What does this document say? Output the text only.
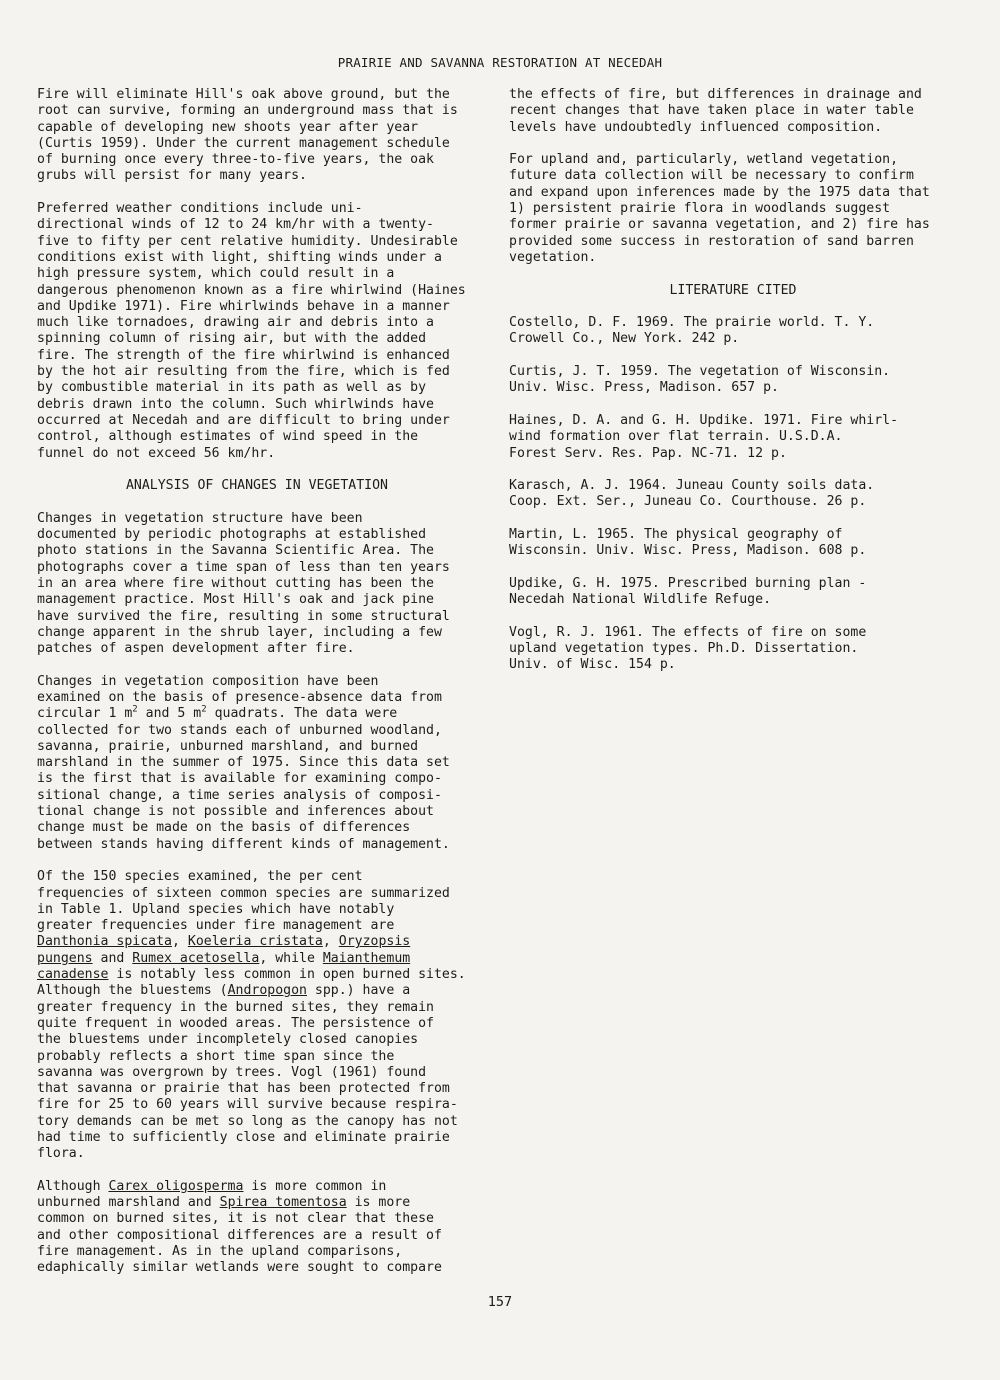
PRAIRIE AND SAVANNA RESTORATION AT NECEDAH

Fire will eliminate Hill's oak above ground, but the
root can survive, forming an underground mass that is
capable of developing new shoots year after year
(Curtis 1959). Under the current management schedule
of burning once every three-to-five years, the oak
grubs will persist for many years.

Preferred weather conditions include uni-
directional winds of 12 to 24 km/hr with a twenty-
five to fifty per cent relative humidity. Undesirable
conditions exist with light, shifting winds under a
high pressure system, which could result in a
dangerous phenomenon known as a fire whirlwind (Haines
and Updike 1971). Fire whirlwinds behave in a manner
much like tornadoes, drawing air and debris into a
spinning column of rising air, but with the added
fire. The strength of the fire whirlwind is enhanced
by the hot air resulting from the fire, which is fed
by combustible material in its path as well as by
debris drawn into the column. Such whirlwinds have
occurred at Necedah and are difficult to bring under
control, although estimates of wind speed in the
funnel do not exceed 56 km/hr.

ANALYSIS OF CHANGES IN VEGETATION

Changes in vegetation structure have been
documented by periodic photographs at established
photo stations in the Savanna Scientific Area. The
photographs cover a time span of less than ten years
in an area where fire without cutting has been the
management practice. Most Hill's oak and jack pine
have survived the fire, resulting in some structural
change apparent in the shrub layer, including a few
patches of aspen development after fire.

Changes in vegetation composition have been
examined on the basis of presence-absence data from
circular 1 $m^2$ and 5 $m^2$ quadrats. The data were
collected for two stands each of unburned woodland,
savanna, prairie, unburned marshland, and burned
marshland in the summer of 1975. Since this data set
is the first that is available for examining compo-
sitional change, a time series analysis of composi-
tional change is not possible and inferences about
change must be made on the basis of differences
between stands having different kinds of management.

Of the 150 species examined, the per cent
frequencies of sixteen common species are summarized
in Table 1. Upland species which have notably
greater frequencies under fire management are
Danthonia spicata, Koeleria cristata, Oryzopsis
pungens and Rumex acetosella, while Maianthemum
canadense is notably less common in open burned sites.
Although the bluestems (Andropogon spp.) have a
greater frequency in the burned sites, they remain
quite frequent in wooded areas. The persistence of
the bluestems under incompletely closed canopies
probably reflects a short time span since the
savanna was overgrown by trees. Vogl (1961) found
that savanna or prairie that has been protected from
fire for 25 to 60 years will survive because respira-
tory demands can be met so long as the canopy has not
had time to sufficiently close and eliminate prairie
flora.

Although Carex oligosperma is more common in
unburned marshland and Spirea tomentosa is more
common on burned sites, it is not clear that these
and other compositional differences are a result of
fire management. As in the upland comparisons,
edaphically similar wetlands were sought to compare

the effects of fire, but differences in drainage and
recent changes that have taken place in water table
levels have undoubtedly influenced composition.

For upland and, particularly, wetland vegetation,
future data collection will be necessary to confirm
and expand upon inferences made by the 1975 data that
1) persistent prairie flora in woodlands suggest
former prairie or savanna vegetation, and 2) fire has
provided some success in restoration of sand barren
vegetation.

LITERATURE CITED
Costello, D. F. 1969. The prairie world. T. Y.
Crowell Co., New York. 242 p.
Curtis, J. T. 1959. The vegetation of Wisconsin.
Univ. Wisc. Press, Madison. 657 p.
Haines, D. A. and G. H. Updike. 1971. Fire whirl-
wind formation over flat terrain. U.S.D.A.
Forest Serv. Res. Pap. NC-71. 12 p.
Karasch, A. J. 1964. Juneau County soils data.
Coop. Ext. Ser., Juneau Co. Courthouse. 26 p.
Martin, L. 1965. The physical geography of
Wisconsin. Univ. Wisc. Press, Madison. 608 p.
Updike, G. H. 1975. Prescribed burning plan -
Necedah National Wildlife Refuge.
Vogl, R. J. 1961. The effects of fire on some
upland vegetation types. Ph.D. Dissertation.
Univ. of Wisc. 154 p.
157
